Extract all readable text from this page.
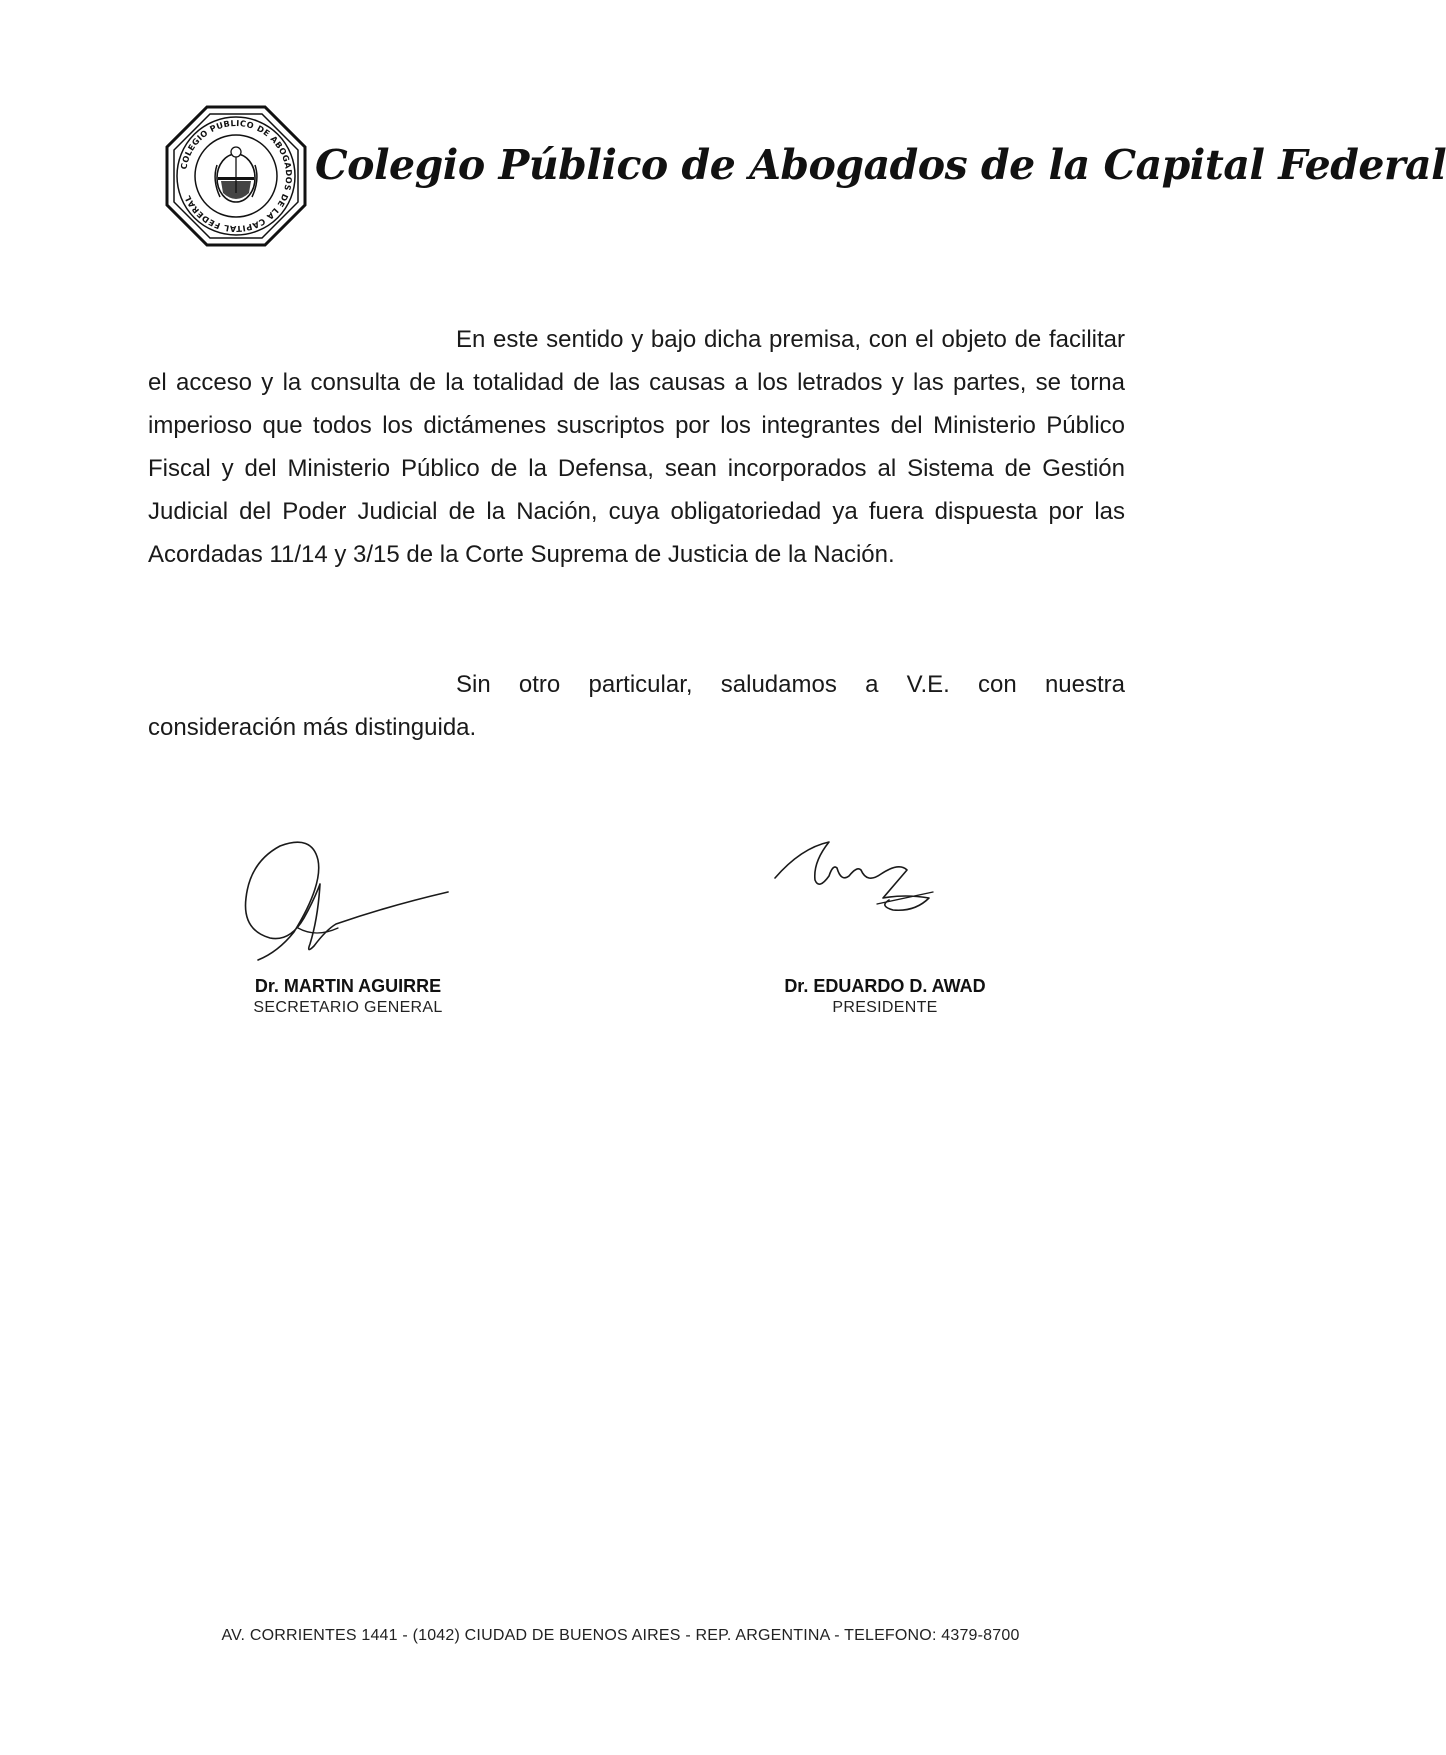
COLEGIO PUBLICO DE ABOGADOS DE LA CAPITAL FEDERAL
Colegio Público de Abogados de la Capital Federal
En este sentido y bajo dicha premisa, con el objeto de facilitar el acceso y la consulta de la totalidad de las causas a los letrados y las partes, se torna imperioso que todos los dictámenes suscriptos por los integrantes del Ministerio Público Fiscal y del Ministerio Público de la Defensa, sean incorporados al Sistema de Gestión Judicial del Poder Judicial de la Nación, cuya obligatoriedad ya fuera dispuesta por las Acordadas 11/14 y 3/15 de la Corte Suprema de Justicia de la Nación.
Sin otro particular, saludamos a V.E. con nuestra consideración más distinguida.
Dr. MARTIN AGUIRRE
SECRETARIO GENERAL
Dr. EDUARDO D. AWAD
PRESIDENTE
AV. CORRIENTES 1441 - (1042) CIUDAD DE BUENOS AIRES - REP. ARGENTINA - TELEFONO: 4379-8700
